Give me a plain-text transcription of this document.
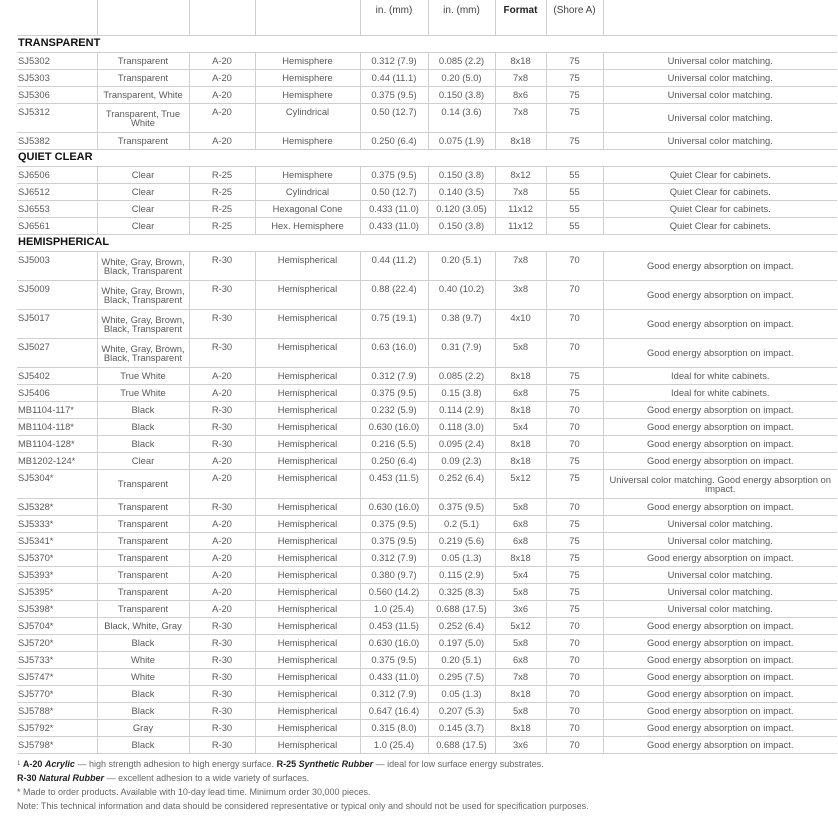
				in. (mm)	in. (mm)	Format	(Shore A)	
TRANSPARENT								
SJ5302	Transparent	A-20	Hemisphere	0.312 (7.9)	0.085 (2.2)	8x18	75	Universal color matching.
SJ5303	Transparent	A-20	Hemisphere	0.44 (11.1)	0.20 (5.0)	7x8	75	Universal color matching.
SJ5306	Transparent, White	A-20	Hemisphere	0.375 (9.5)	0.150 (3.8)	8x6	75	Universal color matching.
SJ5312	Transparent, True White	A-20	Cylindrical	0.50 (12.7)	0.14 (3.6)	7x8	75	Universal color matching.
SJ5382	Transparent	A-20	Hemisphere	0.250 (6.4)	0.075 (1.9)	8x18	75	Universal color matching.
QUIET CLEAR								
SJ6506	Clear	R-25	Hemisphere	0.375 (9.5)	0.150 (3.8)	8x12	55	Quiet Clear for cabinets.
SJ6512	Clear	R-25	Cylindrical	0.50 (12.7)	0.140 (3.5)	7x8	55	Quiet Clear for cabinets.
SJ6553	Clear	R-25	Hexagonal Cone	0.433 (11.0)	0.120 (3.05)	11x12	55	Quiet Clear for cabinets.
SJ6561	Clear	R-25	Hex. Hemisphere	0.433 (11.0)	0.150 (3.8)	11x12	55	Quiet Clear for cabinets.
HEMISPHERICAL								
SJ5003	White, Gray, Brown, Black, Transparent	R-30	Hemispherical	0.44 (11.2)	0.20 (5.1)	7x8	70	Good energy absorption on impact.
SJ5009	White, Gray, Brown, Black, Transparent	R-30	Hemispherical	0.88 (22.4)	0.40 (10.2)	3x8	70	Good energy absorption on impact.
SJ5017	White, Gray, Brown, Black, Transparent	R-30	Hemispherical	0.75 (19.1)	0.38 (9.7)	4x10	70	Good energy absorption on impact.
SJ5027	White, Gray, Brown, Black, Transparent	R-30	Hemispherical	0.63 (16.0)	0.31 (7.9)	5x8	70	Good energy absorption on impact.
SJ5402	True White	A-20	Hemispherical	0.312 (7.9)	0.085 (2.2)	8x18	75	Ideal for white cabinets.
SJ5406	True White	A-20	Hemispherical	0.375 (9.5)	0.15 (3.8)	6x8	75	Ideal for white cabinets.
MB1104-117*	Black	R-30	Hemispherical	0.232 (5.9)	0.114 (2.9)	8x18	70	Good energy absorption on impact.
MB1104-118*	Black	R-30	Hemispherical	0.630 (16.0)	0.118 (3.0)	5x4	70	Good energy absorption on impact.
MB1104-128*	Black	R-30	Hemispherical	0.216 (5.5)	0.095 (2.4)	8x18	70	Good energy absorption on impact.
MB1202-124*	Clear	A-20	Hemispherical	0.250 (6.4)	0.09 (2.3)	8x18	75	Good energy absorption on impact.
SJ5304*	Transparent	A-20	Hemispherical	0.453 (11.5)	0.252 (6.4)	5x12	75	Universal color matching. Good energy absorption on impact.
SJ5328*	Transparent	R-30	Hemispherical	0.630 (16.0)	0.375 (9.5)	5x8	70	Good energy absorption on impact.
SJ5333*	Transparent	A-20	Hemispherical	0.375 (9.5)	0.2 (5.1)	6x8	75	Universal color matching.
SJ5341*	Transparent	A-20	Hemispherical	0.375 (9.5)	0.219 (5.6)	6x8	75	Universal color matching.
SJ5370*	Transparent	A-20	Hemispherical	0.312 (7.9)	0.05 (1.3)	8x18	75	Good energy absorption on impact.
SJ5393*	Transparent	A-20	Hemispherical	0.380 (9.7)	0.115 (2.9)	5x4	75	Universal color matching.
SJ5395*	Transparent	A-20	Hemispherical	0.560 (14.2)	0.325 (8.3)	5x8	75	Universal color matching.
SJ5398*	Transparent	A-20	Hemispherical	1.0 (25.4)	0.688 (17.5)	3x6	75	Universal color matching.
SJ5704*	Black, White, Gray	R-30	Hemispherical	0.453 (11.5)	0.252 (6.4)	5x12	70	Good energy absorption on impact.
SJ5720*	Black	R-30	Hemispherical	0.630 (16.0)	0.197 (5.0)	5x8	70	Good energy absorption on impact.
SJ5733*	White	R-30	Hemispherical	0.375 (9.5)	0.20 (5.1)	6x8	70	Good energy absorption on impact.
SJ5747*	White	R-30	Hemispherical	0.433 (11.0)	0.295 (7.5)	7x8	70	Good energy absorption on impact.
SJ5770*	Black	R-30	Hemispherical	0.312 (7.9)	0.05 (1.3)	8x18	70	Good energy absorption on impact.
SJ5788*	Black	R-30	Hemispherical	0.647 (16.4)	0.207 (5.3)	5x8	70	Good energy absorption on impact.
SJ5792*	Gray	R-30	Hemispherical	0.315 (8.0)	0.145 (3.7)	8x18	70	Good energy absorption on impact.
SJ5798*	Black	R-30	Hemispherical	1.0 (25.4)	0.688 (17.5)	3x6	70	Good energy absorption on impact.
$^1$ A-20 Acrylic — high strength adhesion to high energy surface. R-25 Synthetic Rubber — ideal for low surface energy substrates.
R-30 Natural Rubber — excellent adhesion to a wide variety of surfaces.
* Made to order products. Available with 10-day lead time. Minimum order 30,000 pieces.
Note: This technical information and data should be considered representative or typical only and should not be used for specification purposes.
